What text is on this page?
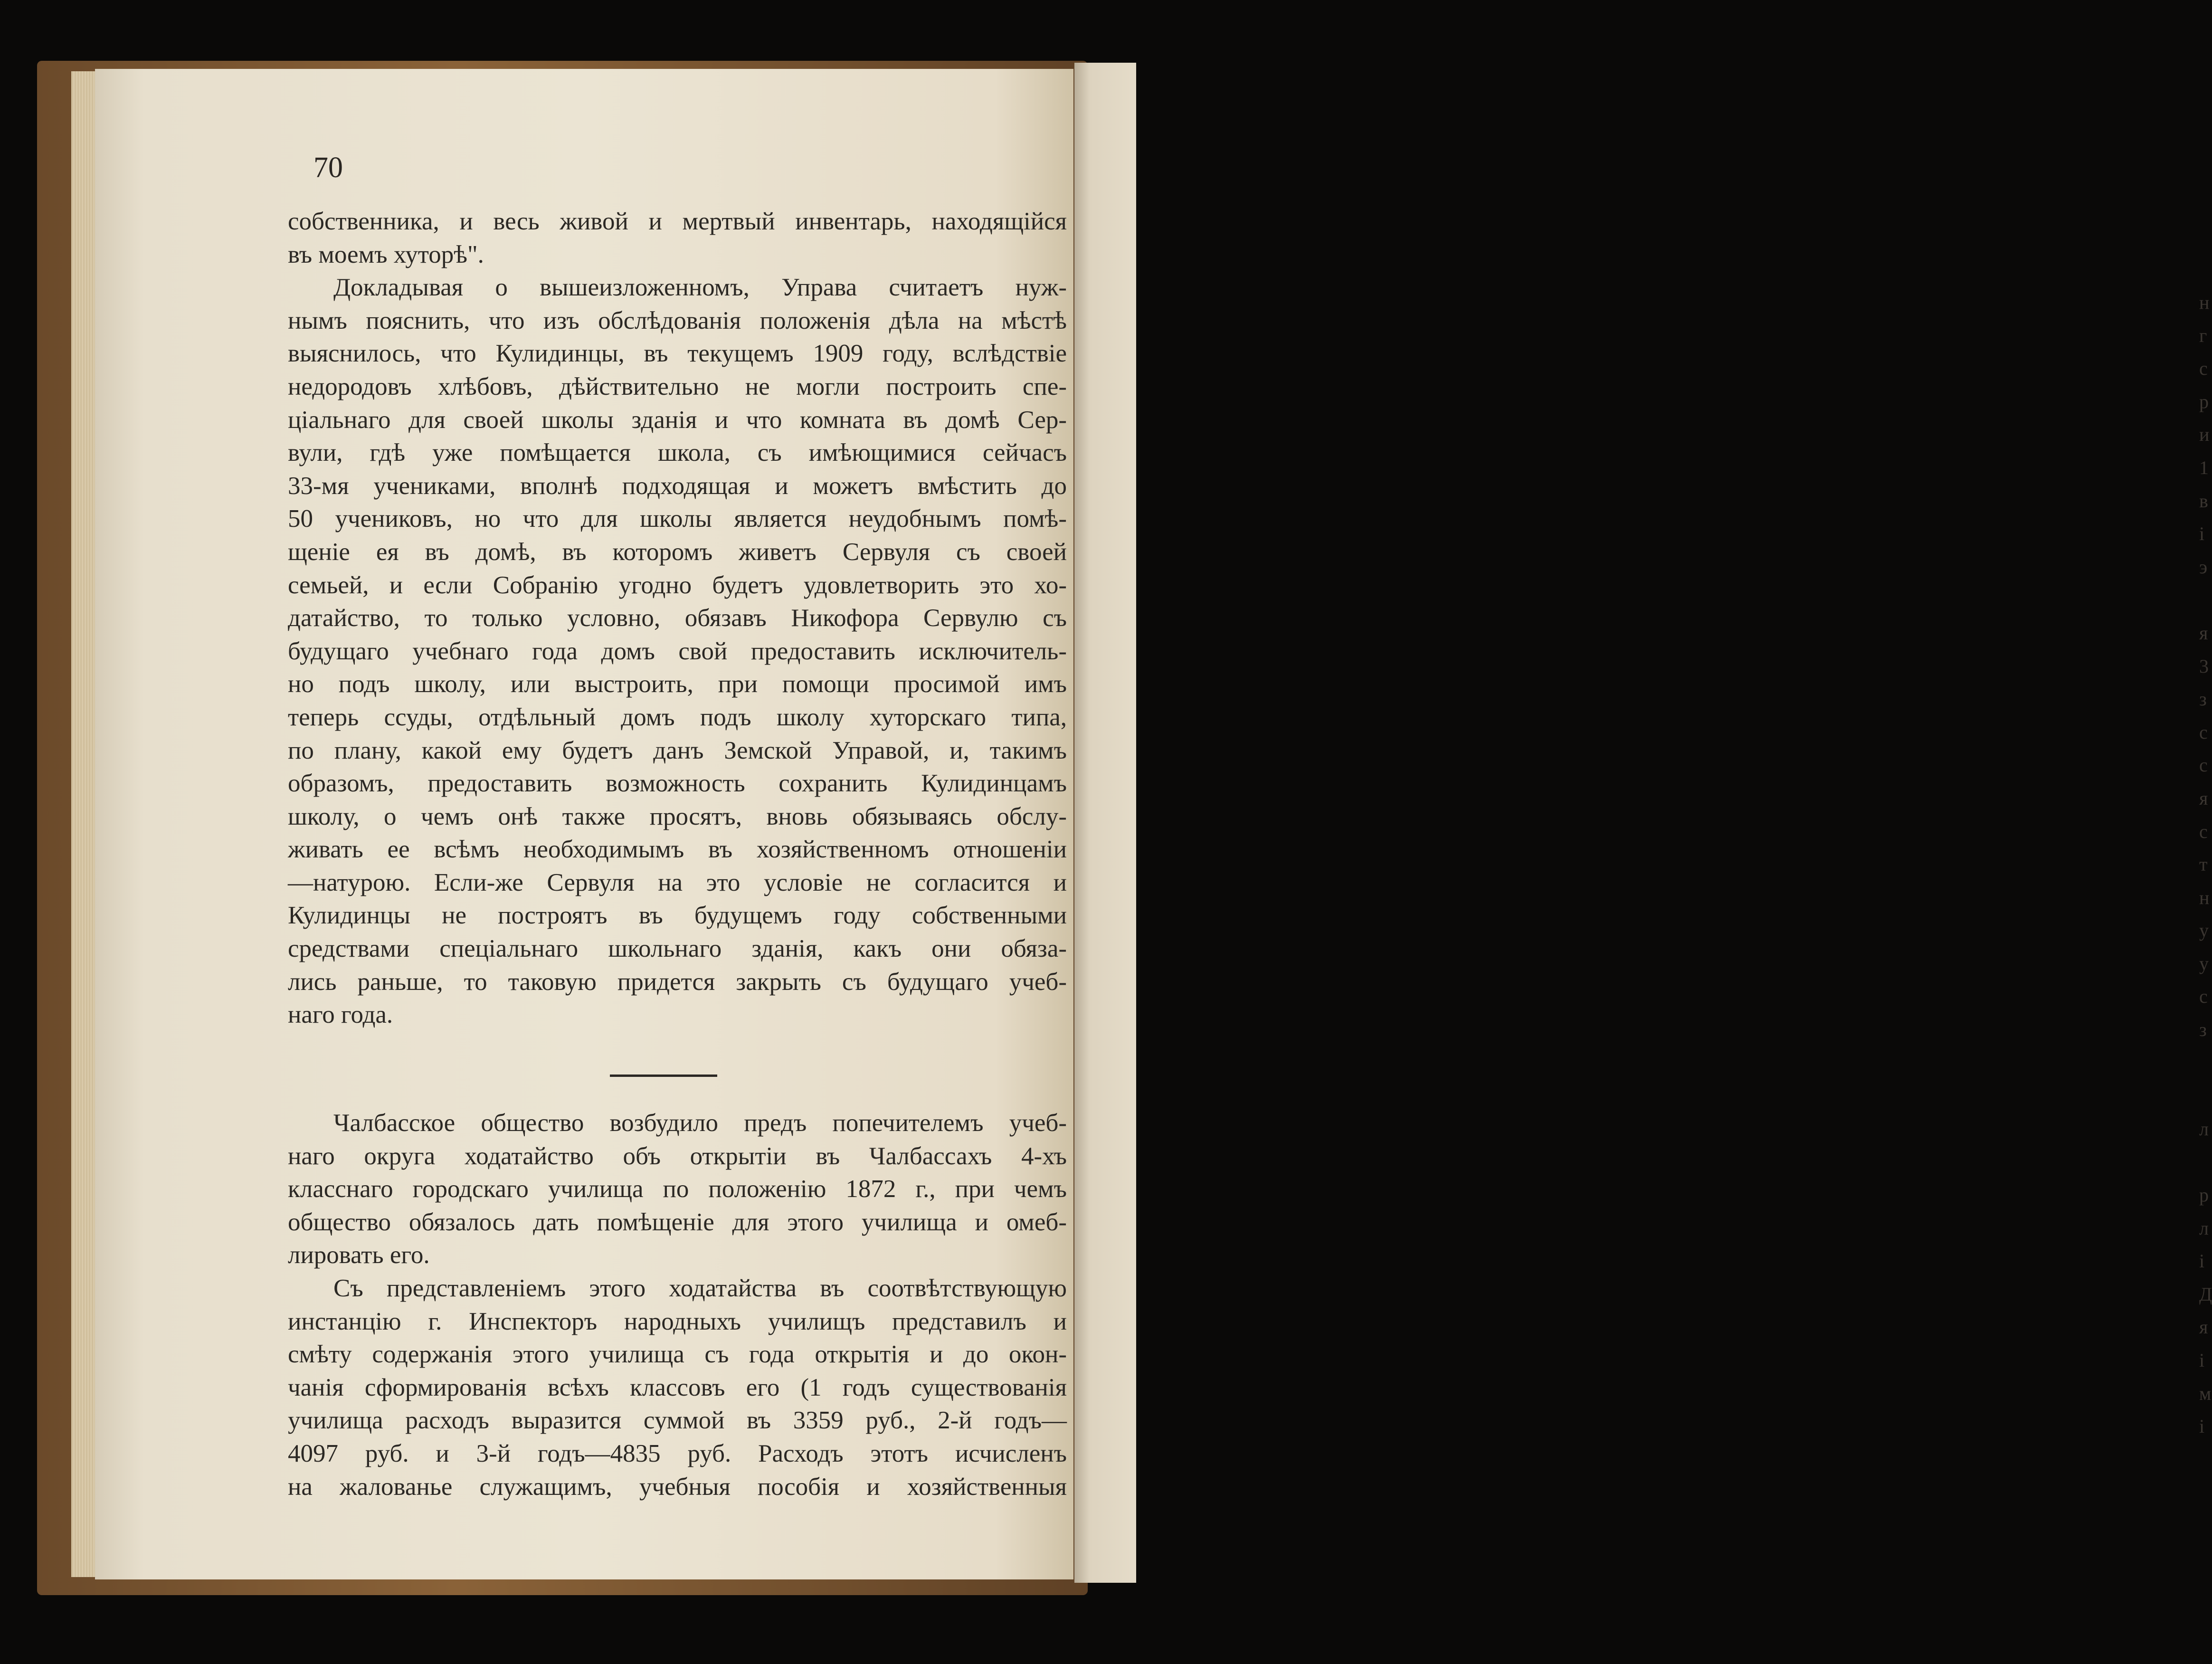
н
г
с
р
и
1
в
і
э
я
3
з
с
с
я
с
т
н
у
у
с
з
л
р
л
і
Д
я
і
м
і
70
собственника, и весь живой и мертвый инвентарь, находящійся
въ моемъ хуторѣ".
Докладывая о вышеизложенномъ, Управа считаетъ нуж-
нымъ пояснить, что изъ обслѣдованія положенія дѣла на мѣстѣ
выяснилось, что Кулидинцы, въ текущемъ 1909 году, вслѣдствіе
недородовъ хлѣбовъ, дѣйствительно не могли построить спе-
ціальнаго для своей школы зданія и что комната въ домѣ Сер-
вули, гдѣ уже помѣщается школа, съ имѣющимися сейчасъ
33-мя учениками, вполнѣ подходящая и можетъ вмѣстить до
50 учениковъ, но что для школы является неудобнымъ помѣ-
щеніе ея въ домѣ, въ которомъ живетъ Сервуля съ своей
семьей, и если Собранію угодно будетъ удовлетворить это хо-
датайство, то только условно, обязавъ Никофора Сервулю съ
будущаго учебнаго года домъ свой предоставить исключитель-
но подъ школу, или выстроить, при помощи просимой имъ
теперь ссуды, отдѣльный домъ подъ школу хуторскаго типа,
по плану, какой ему будетъ данъ Земской Управой, и, такимъ
образомъ, предоставить возможность сохранить Кулидинцамъ
школу, о чемъ онѣ также просятъ, вновь обязываясь обслу-
живать ее всѣмъ необходимымъ въ хозяйственномъ отношеніи
—натурою. Если-же Сервуля на это условіе не согласится и
Кулидинцы не построятъ въ будущемъ году собственными
средствами спеціальнаго школьнаго зданія, какъ они обяза-
лись раньше, то таковую придется закрыть съ будущаго учеб-
наго года.
Чалбасское общество возбудило предъ попечителемъ учеб-
наго округа ходатайство объ открытіи въ Чалбассахъ 4-хъ
класснаго городскаго училища по положенію 1872 г., при чемъ
общество обязалось дать помѣщеніе для этого училища и омеб-
лировать его.
Съ представленіемъ этого ходатайства въ соотвѣтствующую
инстанцію г. Инспекторъ народныхъ училищъ представилъ и
смѣту содержанія этого училища съ года открытія и до окон-
чанія сформированія всѣхъ классовъ его (1 годъ существованія
училища расходъ выразится суммой въ 3359 руб., 2-й годъ—
4097 руб. и 3-й годъ—4835 руб. Расходъ этотъ исчисленъ
на жалованье служащимъ, учебныя пособія и хозяйственныя
